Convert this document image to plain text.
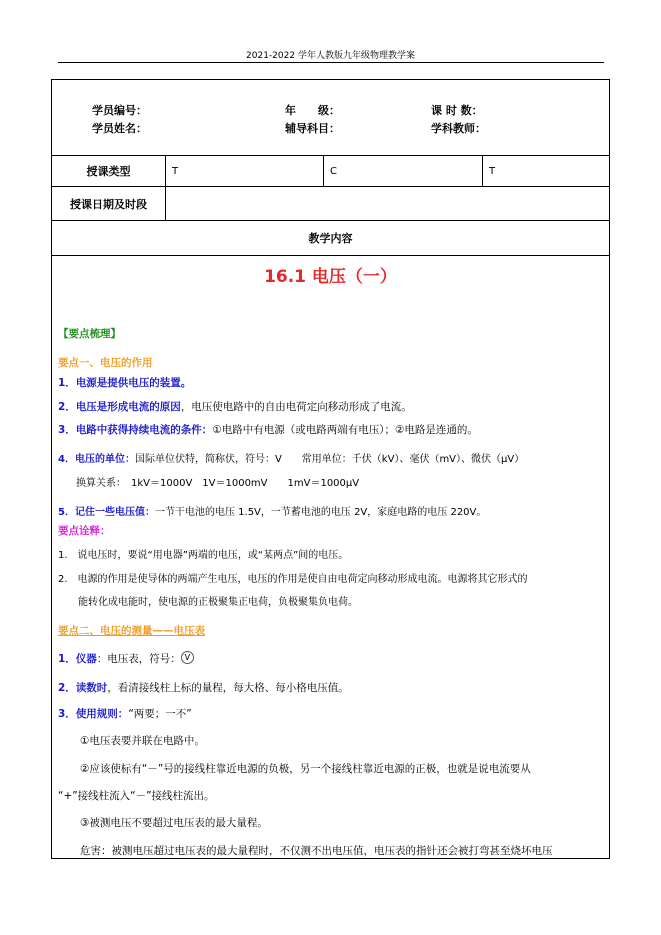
2021-2022 学年人教版九年级物理教学案
学员编号：	年　　级：	课 时 数：
学员姓名：	辅导科目：	学科教师：
授课类型	T	C	T
授课日期及时段
教学内容
16.1 电压（一）
【要点梳理】
要点一、电压的作用
1．电源是提供电压的装置。
2．电压是形成电流的原因，电压使电路中的自由电荷定向移动形成了电流。
3．电路中获得持续电流的条件：①电路中有电源（或电路两端有电压）；②电路是连通的。
4．电压的单位：国际单位伏特，简称伏，符号：V　　常用单位：千伏（kV）、毫伏（mV）、微伏（μV）
换算关系：　1kV＝1000V　1V＝1000mV　　1mV＝1000μV
5．记住一些电压值：一节干电池的电压 1.5V，一节蓄电池的电压 2V，家庭电路的电压 220V。
要点诠释：
1.　说电压时，要说“用电器”两端的电压，或“某两点”间的电压。
2.　电源的作用是使导体的两端产生电压，电压的作用是使自由电荷定向移动形成电流。电源将其它形式的
能转化成电能时，使电源的正极聚集正电荷，负极聚集负电荷。
要点二、电压的测量——电压表
1．仪器：电压表，符号： V
2．读数时，看清接线柱上标的量程，每大格、每小格电压值。
3．使用规则：“两要；一不”
①电压表要并联在电路中。
②应该使标有“－”号的接线柱靠近电源的负极，另一个接线柱靠近电源的正极，也就是说电流要从
“+”接线柱流入“－”接线柱流出。
③被测电压不要超过电压表的最大量程。
危害：被测电压超过电压表的最大量程时，不仅测不出电压值，电压表的指针还会被打弯甚至烧坏电压
